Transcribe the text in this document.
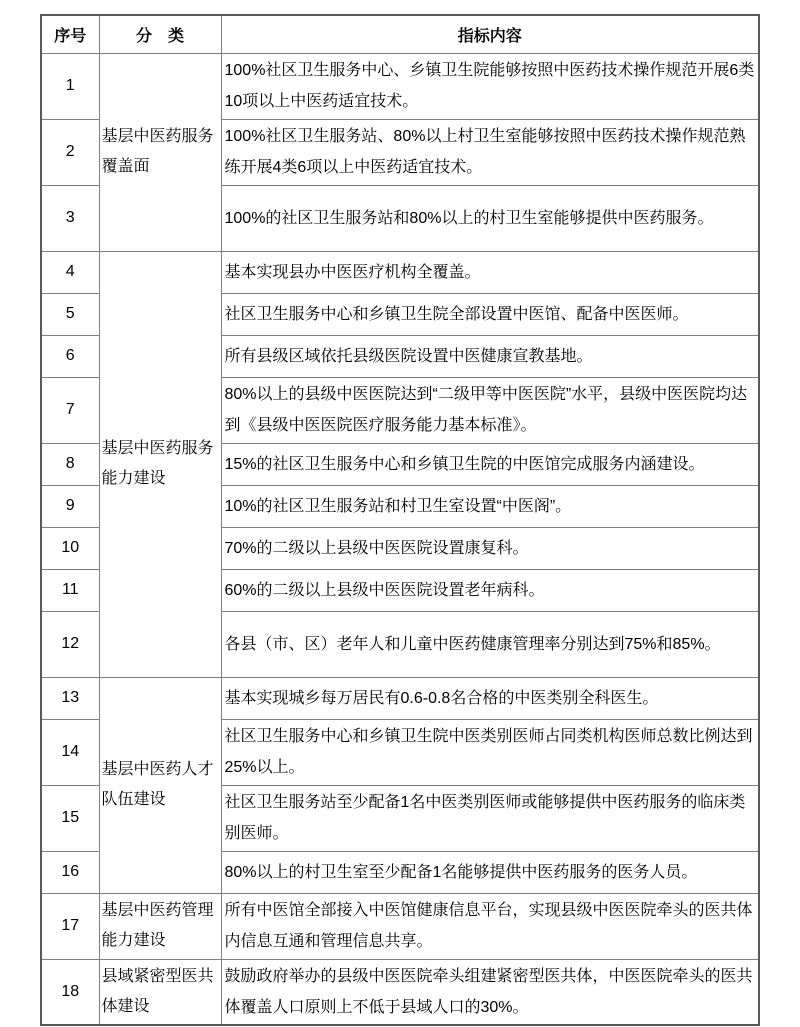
序号	分　类	指标内容
1	基层中医药服务覆盖面	100%社区卫生服务中心、乡镇卫生院能够按照中医药技术操作规范开展6类10项以上中医药适宜技术。
2		100%社区卫生服务站、80%以上村卫生室能够按照中医药技术操作规范熟练开展4类6项以上中医药适宜技术。
3		100%的社区卫生服务站和80%以上的村卫生室能够提供中医药服务。
4	基层中医药服务能力建设	基本实现县办中医医疗机构全覆盖。
5		社区卫生服务中心和乡镇卫生院全部设置中医馆、配备中医医师。
6		所有县级区域依托县级医院设置中医健康宣教基地。
7		80%以上的县级中医医院达到“二级甲等中医医院”水平，县级中医医院均达到《县级中医医院医疗服务能力基本标准》。
8		15%的社区卫生服务中心和乡镇卫生院的中医馆完成服务内涵建设。
9		10%的社区卫生服务站和村卫生室设置“中医阁”。
10		70%的二级以上县级中医医院设置康复科。
11		60%的二级以上县级中医医院设置老年病科。
12		各县（市、区）老年人和儿童中医药健康管理率分别达到75%和85%。
13	基层中医药人才队伍建设	基本实现城乡每万居民有0.6-0.8名合格的中医类别全科医生。
14		社区卫生服务中心和乡镇卫生院中医类别医师占同类机构医师总数比例达到25%以上。
15		社区卫生服务站至少配备1名中医类别医师或能够提供中医药服务的临床类别医师。
16		80%以上的村卫生室至少配备1名能够提供中医药服务的医务人员。
17	基层中医药管理能力建设	所有中医馆全部接入中医馆健康信息平台，实现县级中医医院牵头的医共体内信息互通和管理信息共享。
18	县域紧密型医共体建设	鼓励政府举办的县级中医医院牵头组建紧密型医共体，中医医院牵头的医共体覆盖人口原则上不低于县域人口的30%。
